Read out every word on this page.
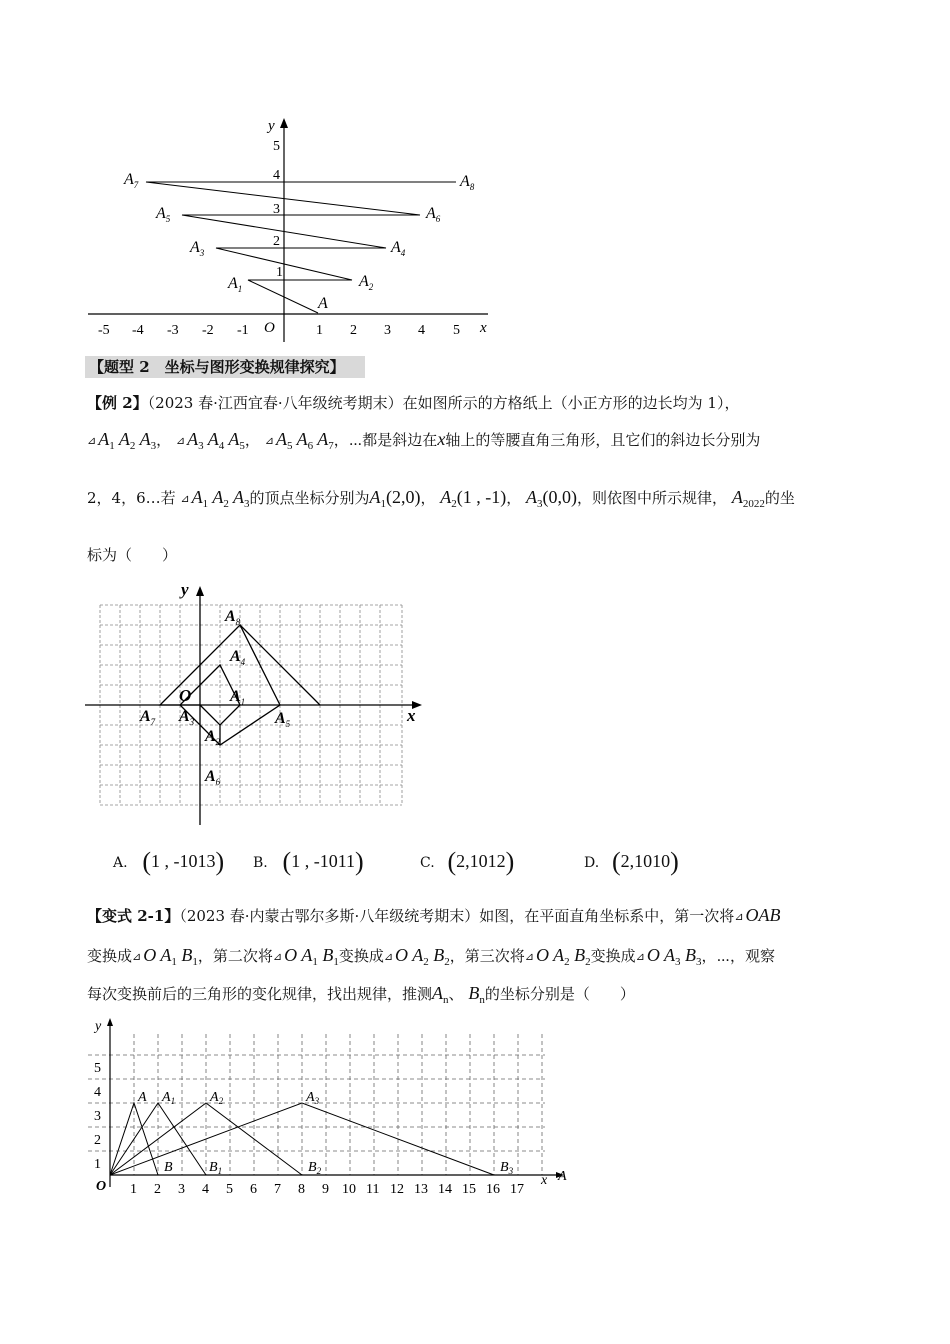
y
x
O
-5 -4 -3 -2 -1	1 2 3 4 5
1
2
3
4
5
A
$A_1$	$A_2$
$A_3$	$A_4$
$A_5$	$A_6$
$A_7$	$A_8$
【题型 2　坐标与图形变换规律探究】
【例 2】（2023 春·江西宜春·八年级统考期末）在如图所示的方格纸上（小正方形的边长均为 1），
⊿ $A_1$ $A_2$ $A_3$， ⊿ $A_3$ $A_4$ $A_5$， ⊿ $A_5$ $A_6$ $A_7$，⋯都是斜边在x轴上的等腰直角三角形，且它们的斜边长分别为
2，4，6…若 ⊿ $A_1$ $A_2$ $A_3$的顶点坐标分别为$A_1(2,0)$， $A_2(1$ , -1)， $A_3(0,0)$，则依图中所示规律， $A_{2022}$的坐
标为（　　）
x
y
O
$A_8$
$A_4$
$A_1$
$A_7$ $A_3$	$A_5$
$A_2$
$A_6$
A. (1 , -1013) B. (1 , -1011)	C. (2,1012)	D. (2,1010)
【变式 2-1】（2023 春·内蒙古鄂尔多斯·八年级统考期末）如图，在平面直角坐标系中，第一次将⊿ OAB
变换成⊿ O $A_1$ $B_1$，第二次将⊿ O $A_1$ $B_1$变换成⊿ O $A_2$ $B_2$，第三次将⊿ O $A_2$ $B_2$变换成⊿ O $A_3$ $B_3$，⋯，观察
每次变换前后的三角形的变化规律，找出规律，推测$A_n$、 $B_n$的坐标分别是（　　）
y
x A
O
1
2
3
4
5
1 2 3 4 5 6 7 8 9 10 11 12 13 14 15 16 17
A $A_1$ $A_2$	$A_3$
B	$B_1$	$B_2$	$B_3$
